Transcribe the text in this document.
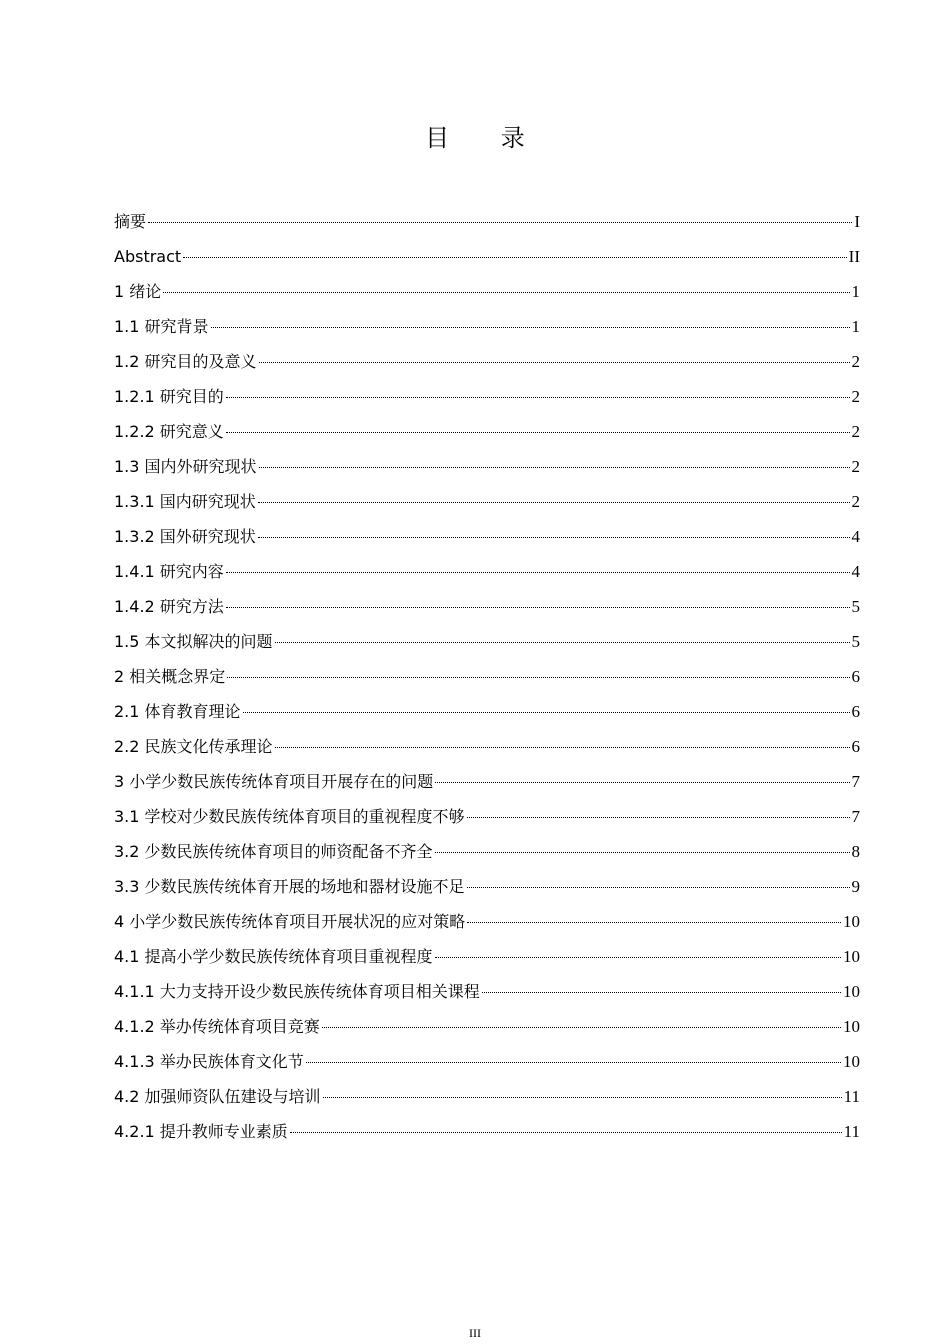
目 录
摘要	I
Abstract	II
1 绪论	1
1.1 研究背景	1
1.2 研究目的及意义	2
1.2.1 研究目的	2
1.2.2 研究意义	2
1.3 国内外研究现状	2
1.3.1 国内研究现状	2
1.3.2 国外研究现状	4
1.4.1 研究内容	4
1.4.2 研究方法	5
1.5 本文拟解决的问题	5
2 相关概念界定	6
2.1 体育教育理论	6
2.2 民族文化传承理论	6
3 小学少数民族传统体育项目开展存在的问题	7
3.1 学校对少数民族传统体育项目的重视程度不够	7
3.2 少数民族传统体育项目的师资配备不齐全	8
3.3 少数民族传统体育开展的场地和器材设施不足	9
4 小学少数民族传统体育项目开展状况的应对策略	10
4.1 提高小学少数民族传统体育项目重视程度	10
4.1.1 大力支持开设少数民族传统体育项目相关课程	10
4.1.2 举办传统体育项目竞赛	10
4.1.3 举办民族体育文化节	10
4.2 加强师资队伍建设与培训	11
4.2.1 提升教师专业素质	11
III
